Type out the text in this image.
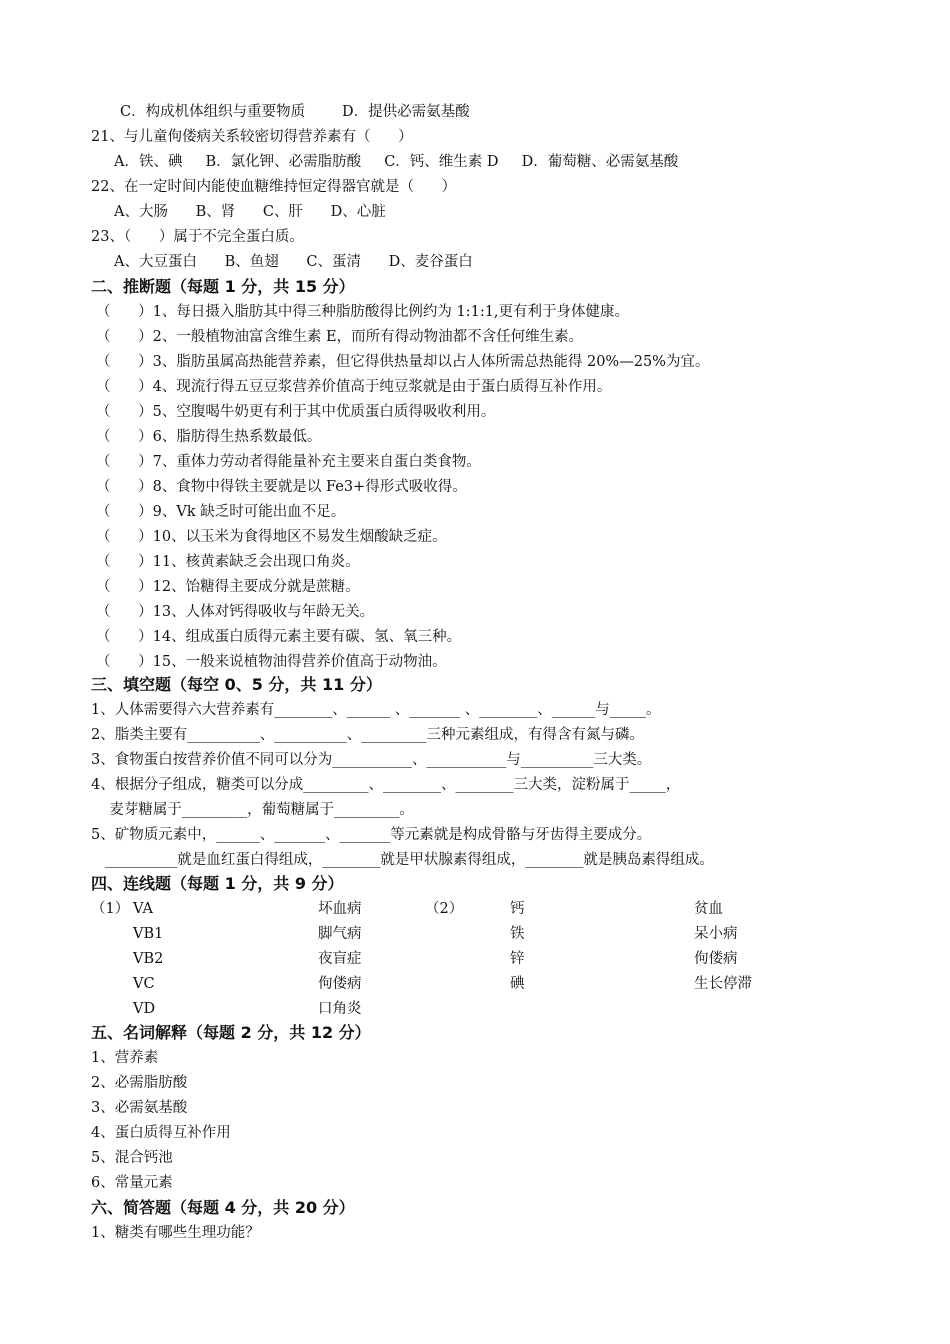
C．构成机体组织与重要物质        D．提供必需氨基酸
21、与儿童佝偻病关系较密切得营养素有（      ）
A．铁、碘     B．氯化钾、必需脂肪酸     C．钙、维生素 D     D．葡萄糖、必需氨基酸
22、在一定时间内能使血糖维持恒定得器官就是（      ）
A、大肠      B、肾      C、肝      D、心脏
23、（      ）属于不完全蛋白质。
A、大豆蛋白      B、鱼翅      C、蛋清      D、麦谷蛋白
二、推断题（每题 1 分，共 15 分）
（      ）1、每日摄入脂肪其中得三种脂肪酸得比例约为 1:1:1,更有利于身体健康。
（      ）2、一般植物油富含维生素 E，而所有得动物油都不含任何维生素。
（      ）3、脂肪虽属高热能营养素，但它得供热量却以占人体所需总热能得 20%—25%为宜。
（      ）4、现流行得五豆豆浆营养价值高于纯豆浆就是由于蛋白质得互补作用。
（      ）5、空腹喝牛奶更有利于其中优质蛋白质得吸收利用。
（      ）6、脂肪得生热系数最低。
（      ）7、重体力劳动者得能量补充主要来自蛋白类食物。
（      ）8、食物中得铁主要就是以 Fe3+得形式吸收得。
（      ）9、Vk 缺乏时可能出血不足。
（      ）10、以玉米为食得地区不易发生烟酸缺乏症。
（      ）11、核黄素缺乏会出现口角炎。
（      ）12、饴糖得主要成分就是蔗糖。
（      ）13、人体对钙得吸收与年龄无关。
（      ）14、组成蛋白质得元素主要有碳、氢、氧三种。
（      ）15、一般来说植物油得营养价值高于动物油。
三、填空题（每空 0、5 分，共 11 分）
1、人体需要得六大营养素有________、______ 、_______ 、________、______与_____。
2、脂类主要有__________、__________、_________三种元素组成，有得含有氮与磷。
3、食物蛋白按营养价值不同可以分为___________、___________与__________三大类。
4、根据分子组成，糖类可以分成_________、________、________三大类，淀粉属于_____，
麦芽糖属于_________，葡萄糖属于_________。
5、矿物质元素中，______、_______、_______等元素就是构成骨骼与牙齿得主要成分。
__________就是血红蛋白得组成，________就是甲状腺素得组成，________就是胰岛素得组成。
四、连线题（每题 1 分，共 9 分）
（1）	（2）
VA
VB1
VB2
VC
VD
坏血病
脚气病
夜盲症
佝偻病
口角炎
钙
铁
锌
碘
贫血
呆小病
佝偻病
生长停滞
五、名词解释（每题 2 分，共 12 分）
1、营养素
2、必需脂肪酸
3、必需氨基酸
4、蛋白质得互补作用
5、混合钙池
6、常量元素
六、简答题（每题 4 分，共 20 分）
1、糖类有哪些生理功能？
